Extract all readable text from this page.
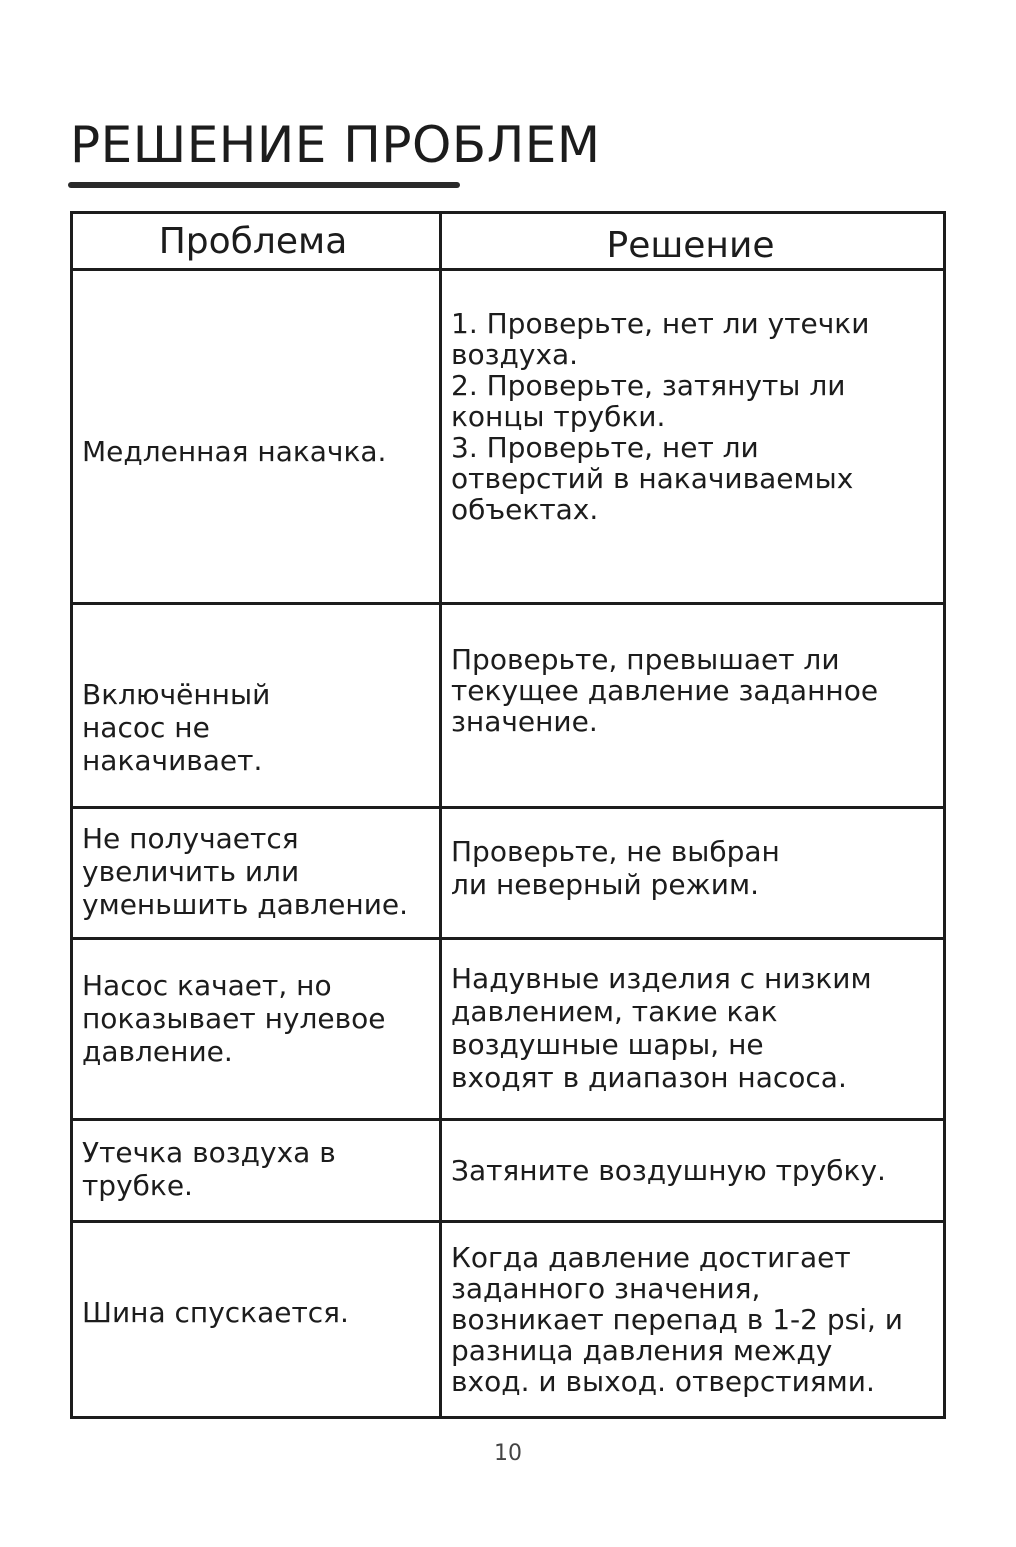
РЕШЕНИЕ ПРОБЛЕМ
Проблема	Решение
Медленная накачка.
1. Проверьте, нет ли утечки
воздуха.
2. Проверьте, затянуты ли
концы трубки.
3. Проверьте, нет ли
отверстий в накачиваемых
объектах.
Включённый
насос не
накачивает.
Проверьте, превышает ли
текущее давление заданное
значение.
Не получается
увеличить или
уменьшить давление.
Проверьте, не выбран
ли неверный режим.
Насос качает, но
показывает нулевое
давление.
Надувные изделия с низким
давлением, такие как
воздушные шары, не
входят в диапазон насоса.
Утечка воздуха в
трубке.	Затяните воздушную трубку.
Шина спускается.
Когда давление достигает
заданного значения,
возникает перепад в 1-2 psi, и
разница давления между
вход. и выход. отверстиями.
10
